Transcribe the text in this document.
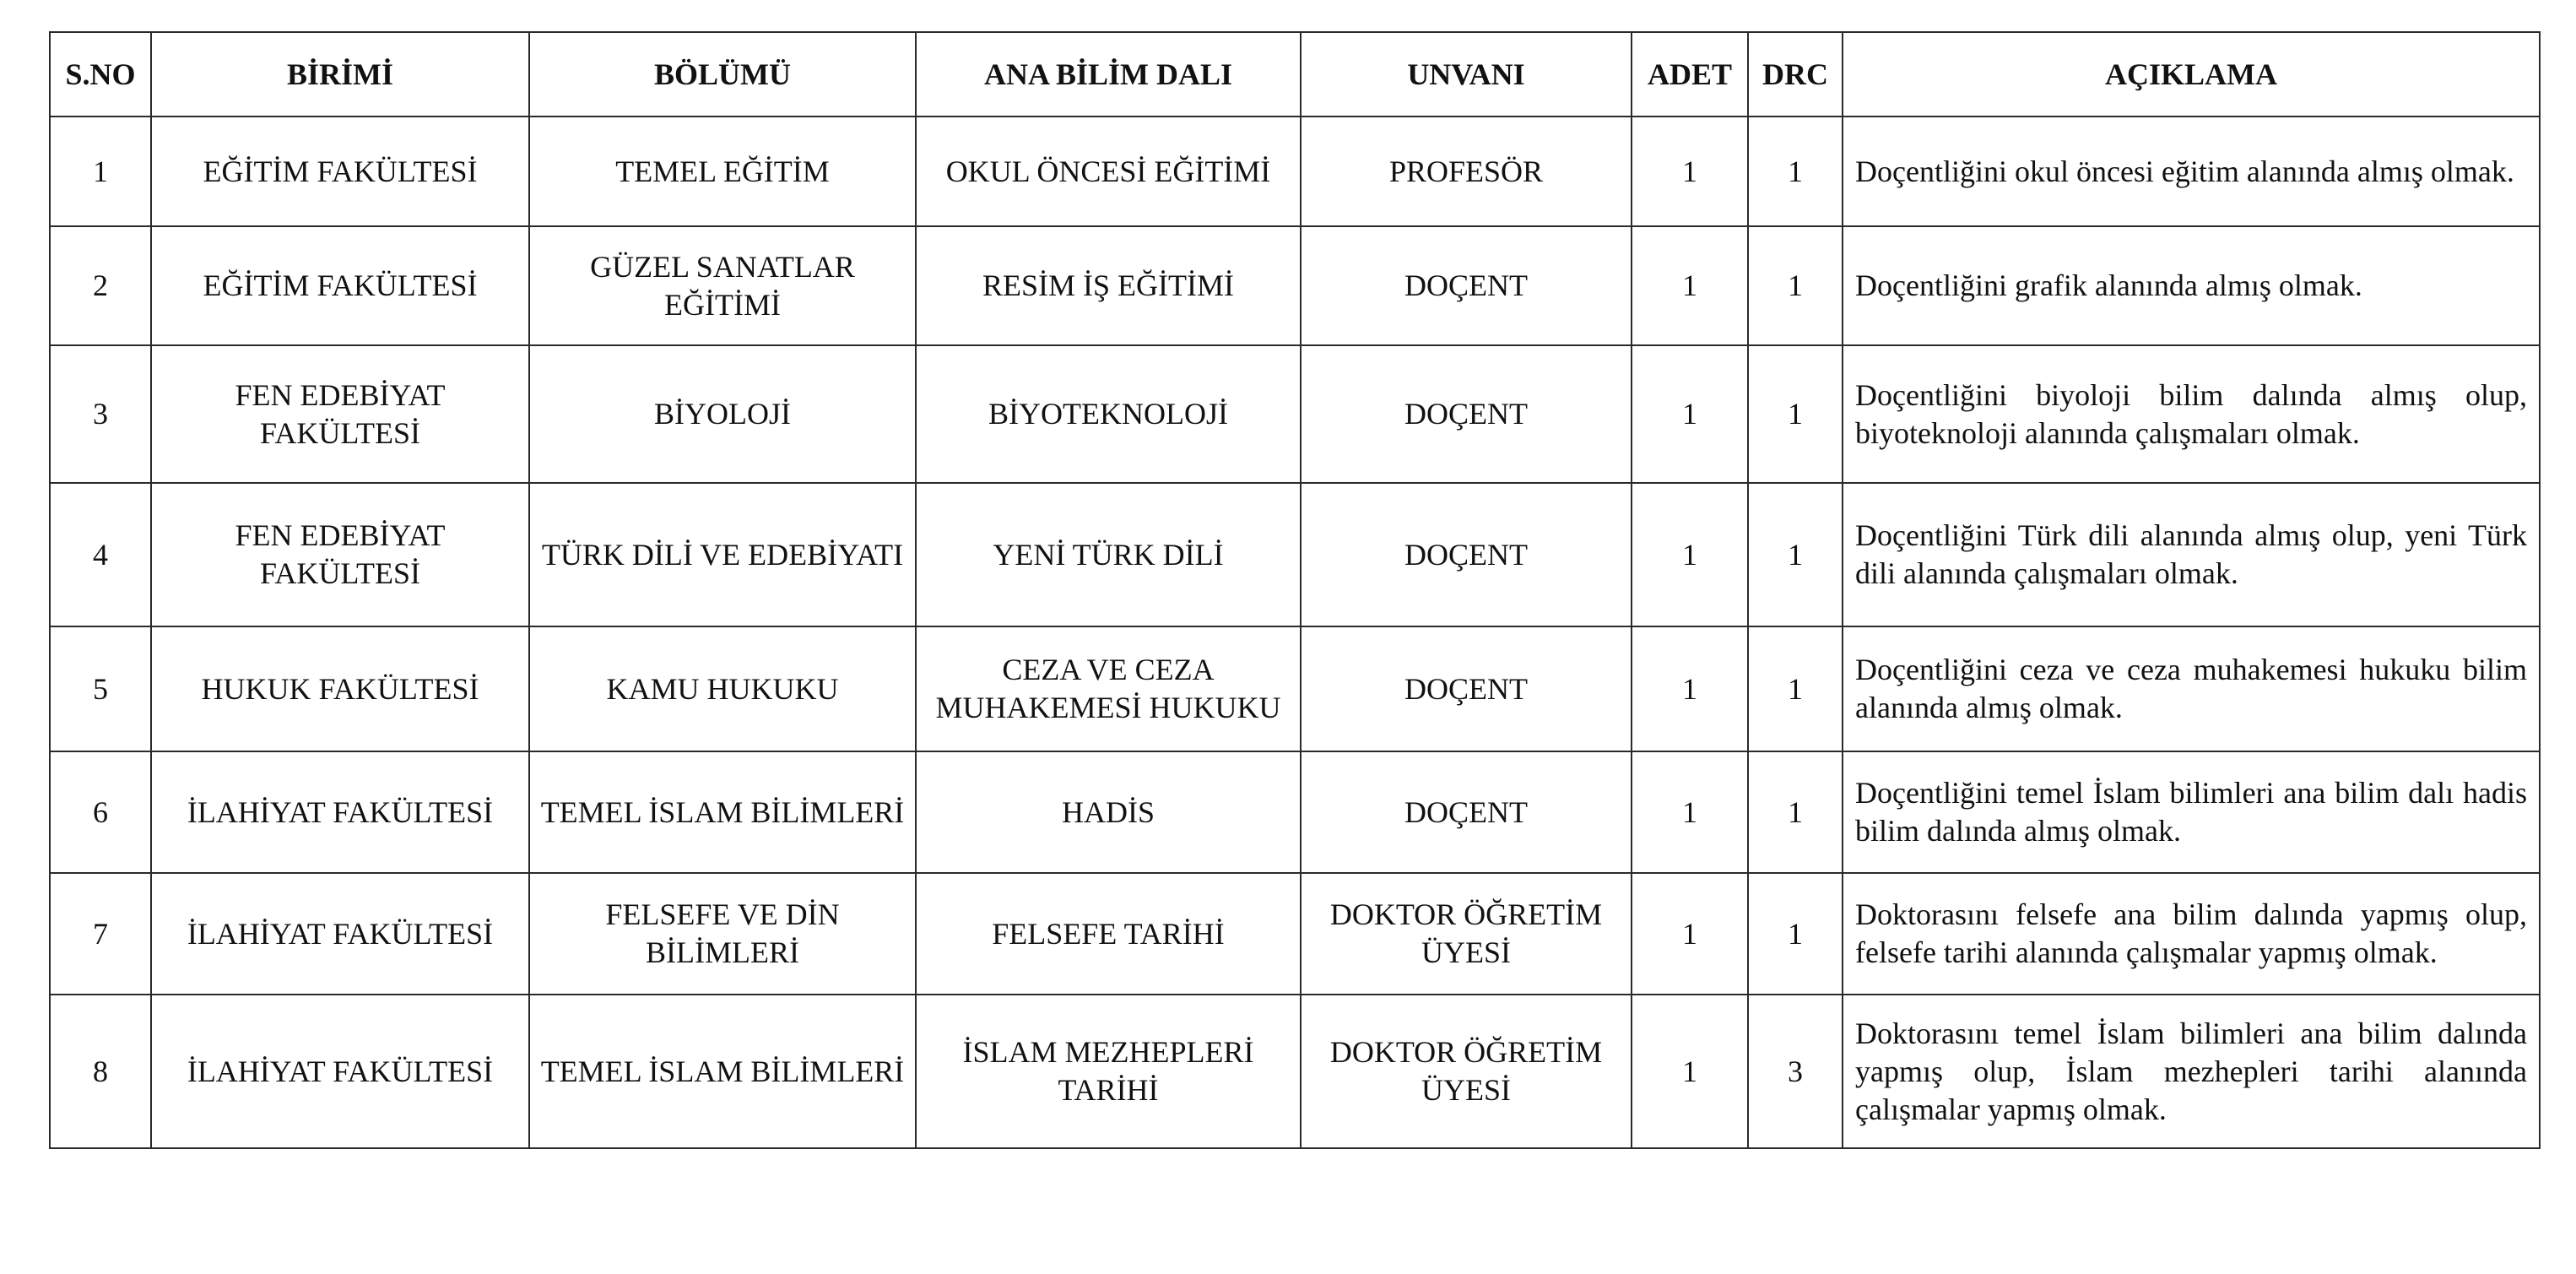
S.NO	BİRİMİ	BÖLÜMÜ	ANA BİLİM DALI	UNVANI	ADET	DRC	AÇIKLAMA
1	EĞİTİM FAKÜLTESİ	TEMEL EĞİTİM	OKUL ÖNCESİ EĞİTİMİ	PROFESÖR	1	1	Doçentliğini okul öncesi eğitim alanında almış olmak.
2	EĞİTİM FAKÜLTESİ	GÜZEL SANATLAR EĞİTİMİ	RESİM İŞ EĞİTİMİ	DOÇENT	1	1	Doçentliğini grafik alanında almış olmak.
3	FEN EDEBİYAT FAKÜLTESİ	BİYOLOJİ	BİYOTEKNOLOJİ	DOÇENT	1	1	Doçentliğini biyoloji bilim dalında almış olup, biyoteknoloji alanında çalışmaları olmak.
4	FEN EDEBİYAT FAKÜLTESİ	TÜRK DİLİ VE EDEBİYATI	YENİ TÜRK DİLİ	DOÇENT	1	1	Doçentliğini Türk dili alanında almış olup, yeni Türk dili alanında çalışmaları olmak.
5	HUKUK FAKÜLTESİ	KAMU HUKUKU	CEZA VE CEZA MUHAKEMESİ HUKUKU	DOÇENT	1	1	Doçentliğini ceza ve ceza muhakemesi hukuku bilim alanında almış olmak.
6	İLAHİYAT FAKÜLTESİ	TEMEL İSLAM BİLİMLERİ	HADİS	DOÇENT	1	1	Doçentliğini temel İslam bilimleri ana bilim dalı hadis bilim dalında almış olmak.
7	İLAHİYAT FAKÜLTESİ	FELSEFE VE DİN BİLİMLERİ	FELSEFE TARİHİ	DOKTOR ÖĞRETİM ÜYESİ	1	1	Doktorasını felsefe ana bilim dalında yapmış olup, felsefe tarihi alanında çalışmalar yapmış olmak.
8	İLAHİYAT FAKÜLTESİ	TEMEL İSLAM BİLİMLERİ	İSLAM MEZHEPLERİ TARİHİ	DOKTOR ÖĞRETİM ÜYESİ	1	3	Doktorasını temel İslam bilimleri ana bilim dalında yapmış olup, İslam mezhepleri tarihi alanında çalışmalar yapmış olmak.
